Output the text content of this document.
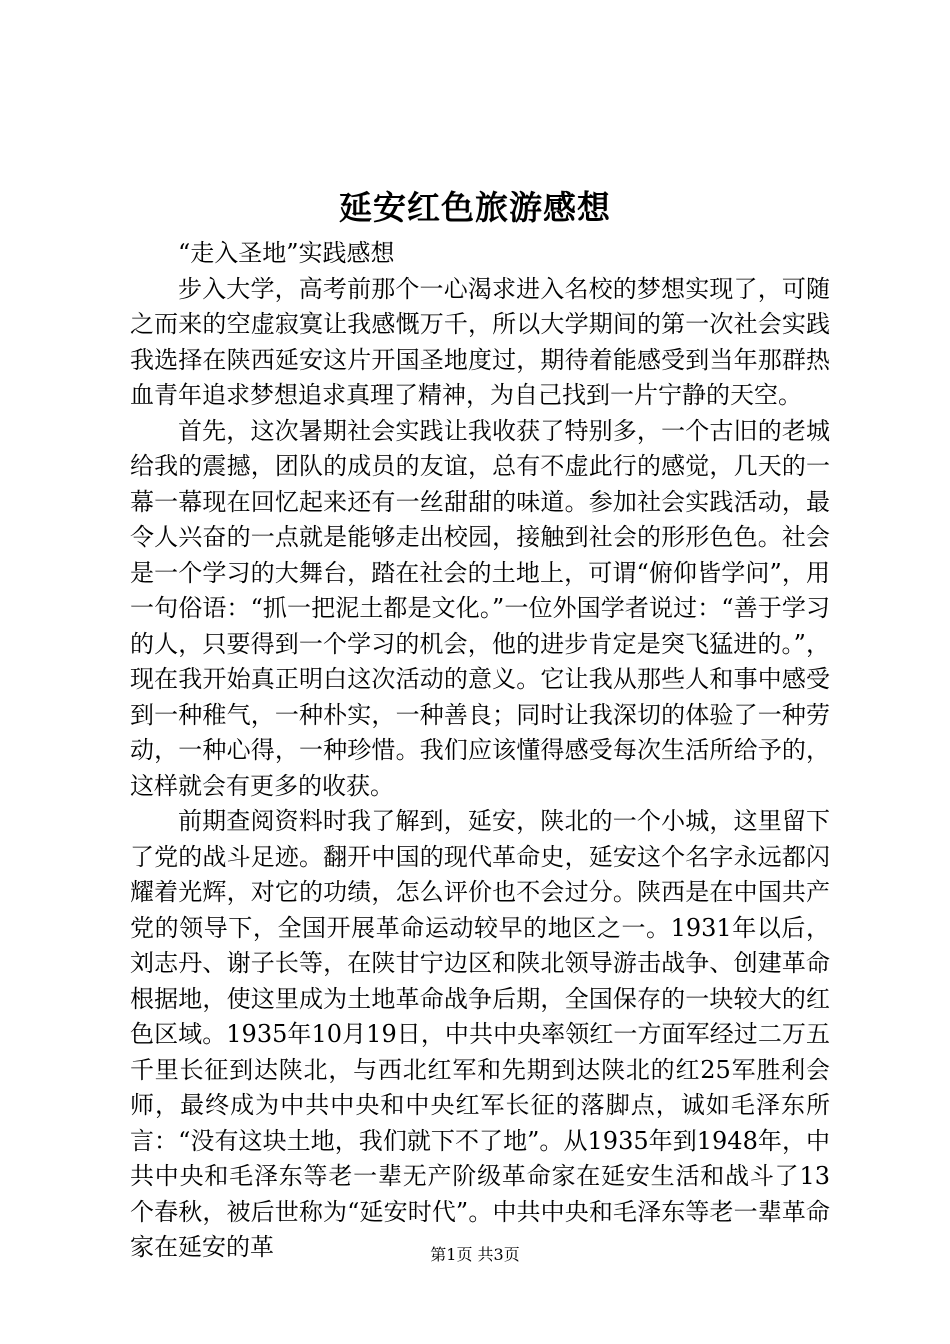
延安红色旅游感想

“走入圣地”实践感想

步入大学，高考前那个一心渴求进入名校的梦想实现了，可随之而来的空虚寂寞让我感慨万千，所以大学期间的第一次社会实践我选择在陕西延安这片开国圣地度过，期待着能感受到当年那群热血青年追求梦想追求真理了精神，为自己找到一片宁静的天空。

首先，这次暑期社会实践让我收获了特别多，一个古旧的老城给我的震撼，团队的成员的友谊，总有不虚此行的感觉，几天的一幕一幕现在回忆起来还有一丝甜甜的味道。参加社会实践活动，最令人兴奋的一点就是能够走出校园，接触到社会的形形色色。社会是一个学习的大舞台，踏在社会的土地上，可谓“俯仰皆学问”，用一句俗语：“抓一把泥土都是文化。”一位外国学者说过：“善于学习的人，只要得到一个学习的机会，他的进步肯定是突飞猛进的。”，现在我开始真正明白这次活动的意义。它让我从那些人和事中感受到一种稚气，一种朴实，一种善良；同时让我深切的体验了一种劳动，一种心得，一种珍惜。我们应该懂得感受每次生活所给予的，这样就会有更多的收获。

前期查阅资料时我了解到，延安，陕北的一个小城，这里留下了党的战斗足迹。翻开中国的现代革命史，延安这个名字永远都闪耀着光辉，对它的功绩，怎么评价也不会过分。陕西是在中国共产党的领导下，全国开展革命运动较早的地区之一。1931年以后，刘志丹、谢子长等，在陕甘宁边区和陕北领导游击战争、创建革命根据地，使这里成为土地革命战争后期，全国保存的一块较大的红色区域。1935年10月19日，中共中央率领红一方面军经过二万五千里长征到达陕北，与西北红军和先期到达陕北的红25军胜利会师，最终成为中共中央和中央红军长征的落脚点，诚如毛泽东所言：“没有这块土地，我们就下不了地”。从1935年到1948年，中共中央和毛泽东等老一辈无产阶级革命家在延安生活和战斗了13个春秋，被后世称为“延安时代”。中共中央和毛泽东等老一辈革命家在延安的革	第1页 共3页
